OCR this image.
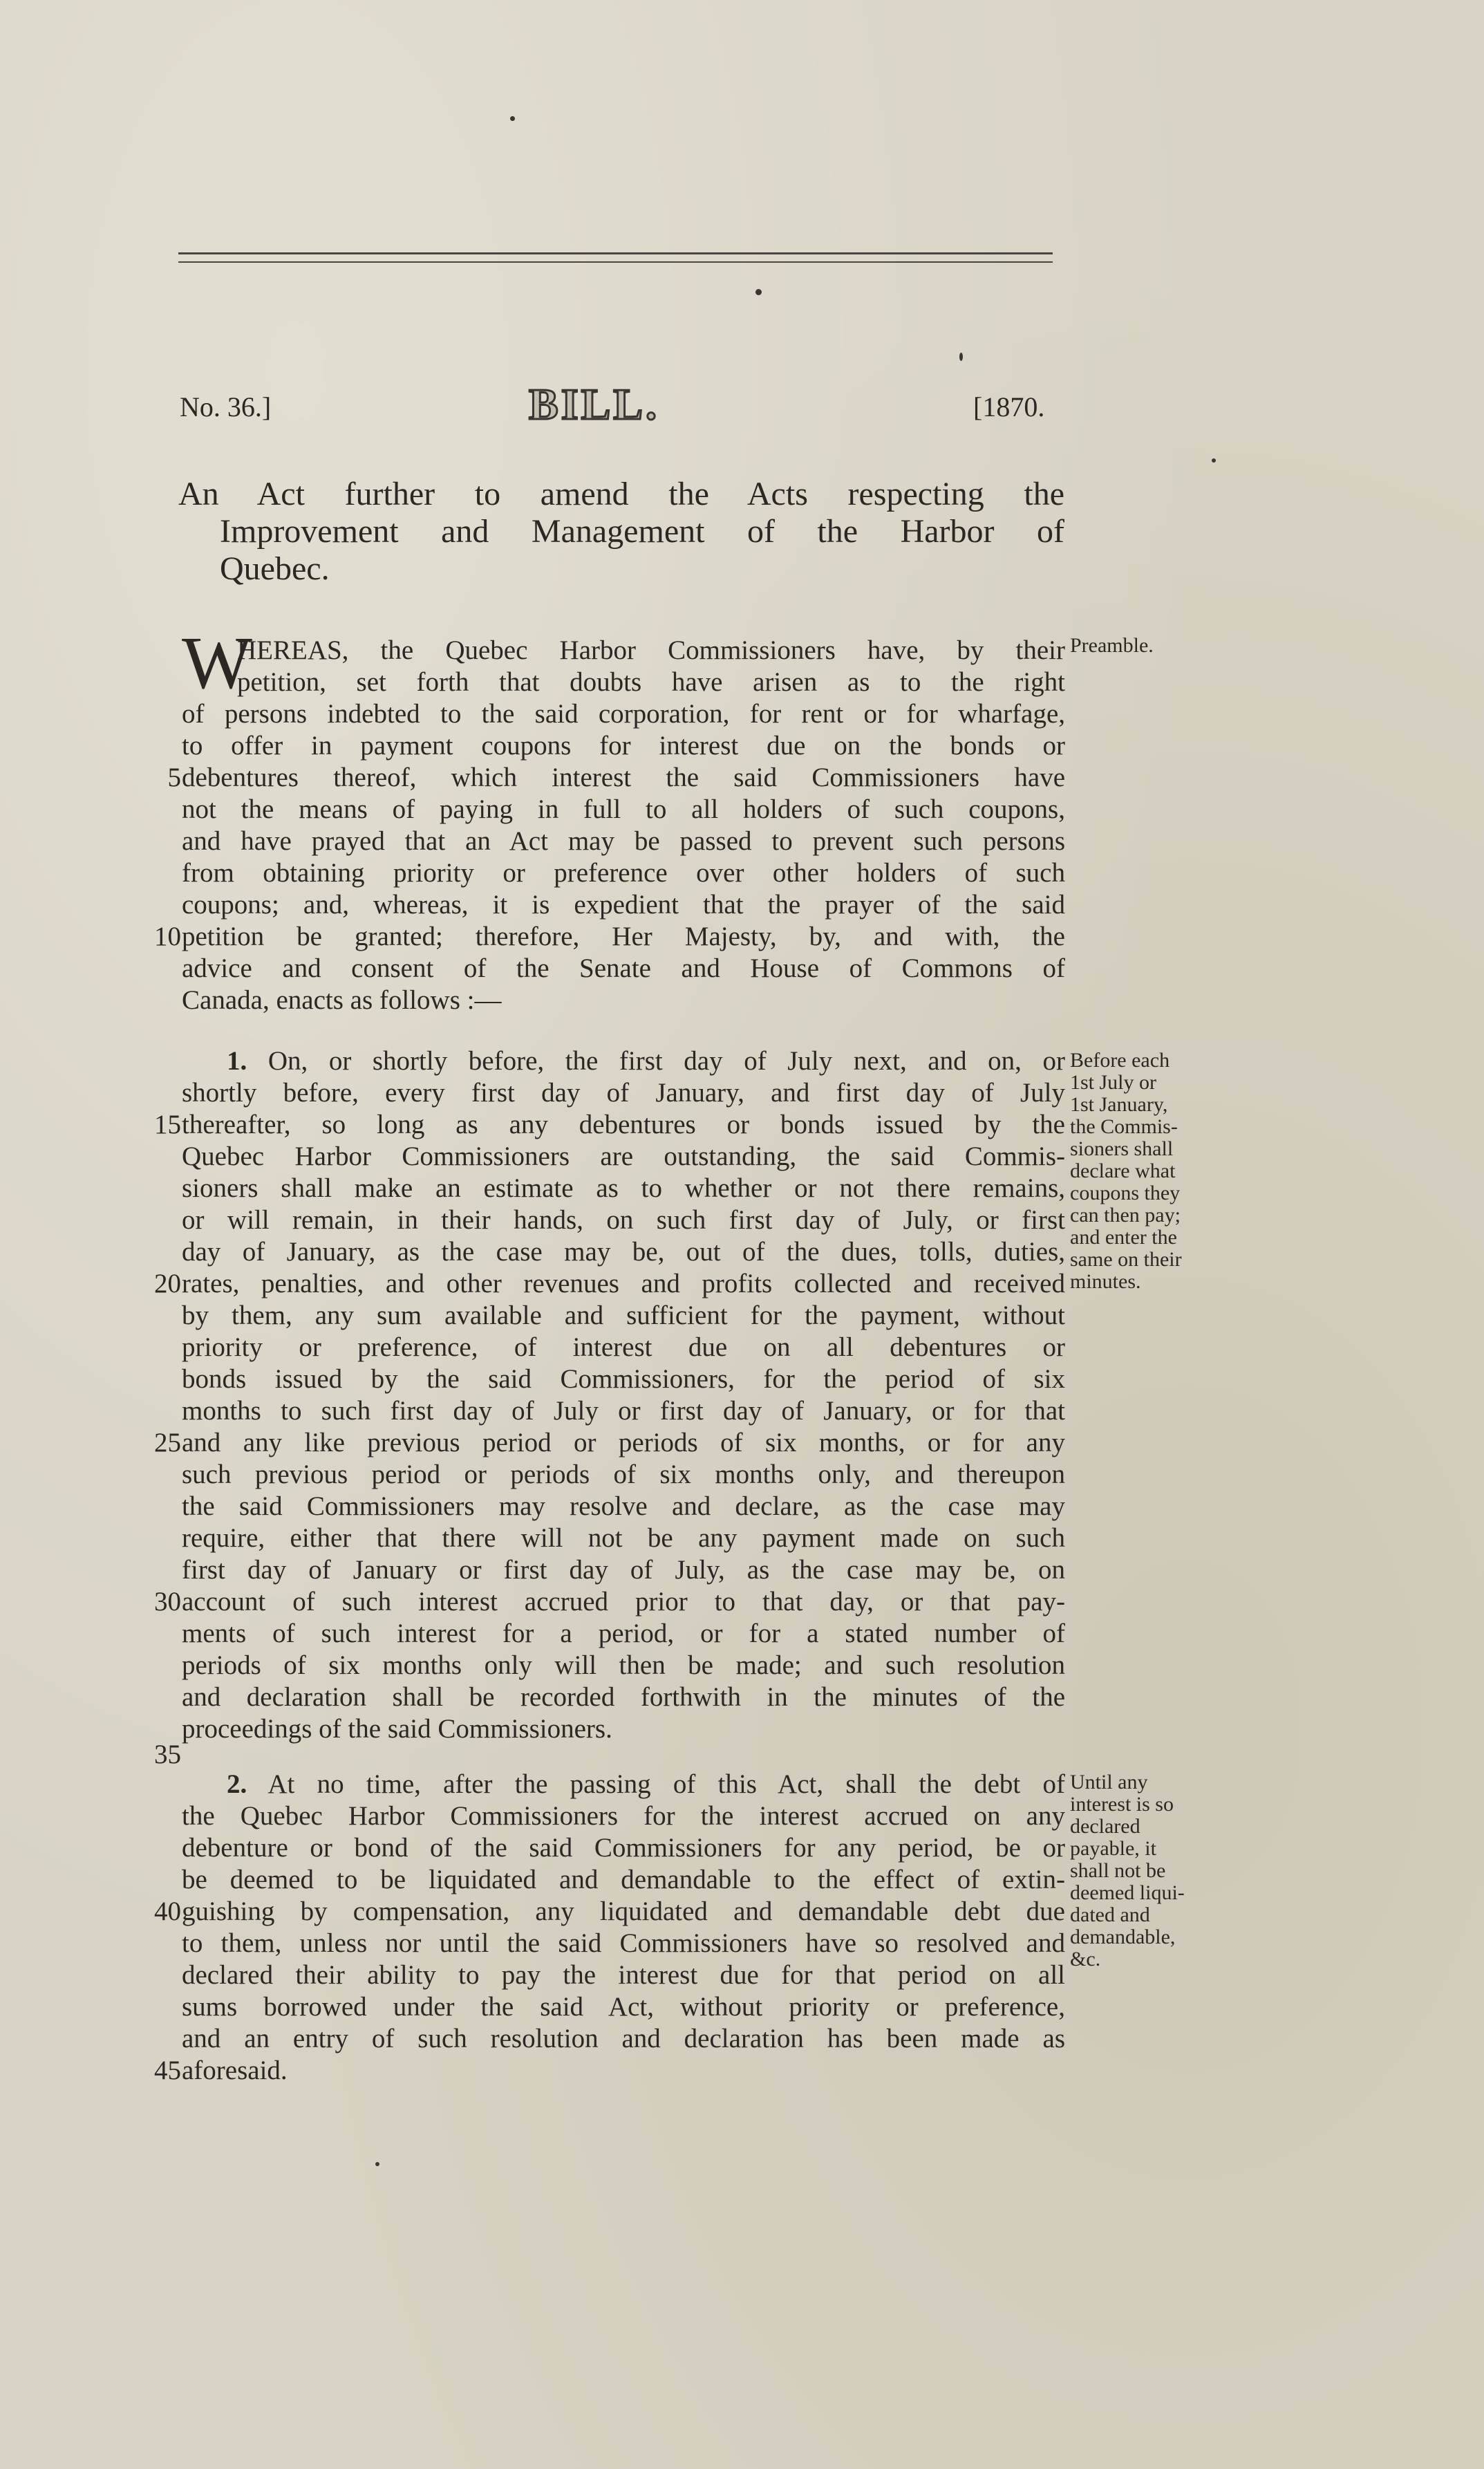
No. 36.]	BILL.	[1870.
An Act further to amend the Acts respecting the
Improvement and Management of the Harbor of
Quebec.
W	Preamble.
HEREAS, the Quebec Harbor Commissioners have, by their
petition, set forth that doubts have arisen as to the right
of persons indebted to the said corporation, for rent or for wharfage,
to offer in payment coupons for interest due on the bonds or
debentures thereof, which interest the said Commissioners have
not the means of paying in full to all holders of such coupons,
and have prayed that an Act may be passed to prevent such persons
from obtaining priority or preference over other holders of such
coupons; and, whereas, it is expedient that the prayer of the said
petition be granted; therefore, Her Majesty, by, and with, the
advice and consent of the Senate and House of Commons of
Canada, enacts as follows :—
1. On, or shortly before, the first day of July next, and on, or
shortly before, every first day of January, and first day of July
thereafter, so long as any debentures or bonds issued by the
Quebec Harbor Commissioners are outstanding, the said Commis-
sioners shall make an estimate as to whether or not there remains,
or will remain, in their hands, on such first day of July, or first
day of January, as the case may be, out of the dues, tolls, duties,
rates, penalties, and other revenues and profits collected and received
by them, any sum available and sufficient for the payment, without
priority or preference, of interest due on all debentures or
bonds issued by the said Commissioners, for the period of six
months to such first day of July or first day of January, or for that
and any like previous period or periods of six months, or for any
such previous period or periods of six months only, and thereupon
the said Commissioners may resolve and declare, as the case may
require, either that there will not be any payment made on such
first day of January or first day of July, as the case may be, on
account of such interest accrued prior to that day, or that pay-
ments of such interest for a period, or for a stated number of
periods of six months only will then be made; and such resolution
and declaration shall be recorded forthwith in the minutes of the
proceedings of the said Commissioners.
Before each
1st July or
1st January,
the Commis-
sioners shall
declare what
coupons they
can then pay;
and enter the
same on their
minutes.
2. At no time, after the passing of this Act, shall the debt of
the Quebec Harbor Commissioners for the interest accrued on any
debenture or bond of the said Commissioners for any period, be or
be deemed to be liquidated and demandable to the effect of extin-
guishing by compensation, any liquidated and demandable debt due
to them, unless nor until the said Commissioners have so resolved and
declared their ability to pay the interest due for that period on all
sums borrowed under the said Act, without priority or preference,
and an entry of such resolution and declaration has been made as
aforesaid.
Until any
interest is so
declared
payable, it
shall not be
deemed liqui-
dated and
demandable,
&c.
5
10
15
20
25
30
35
40
45
